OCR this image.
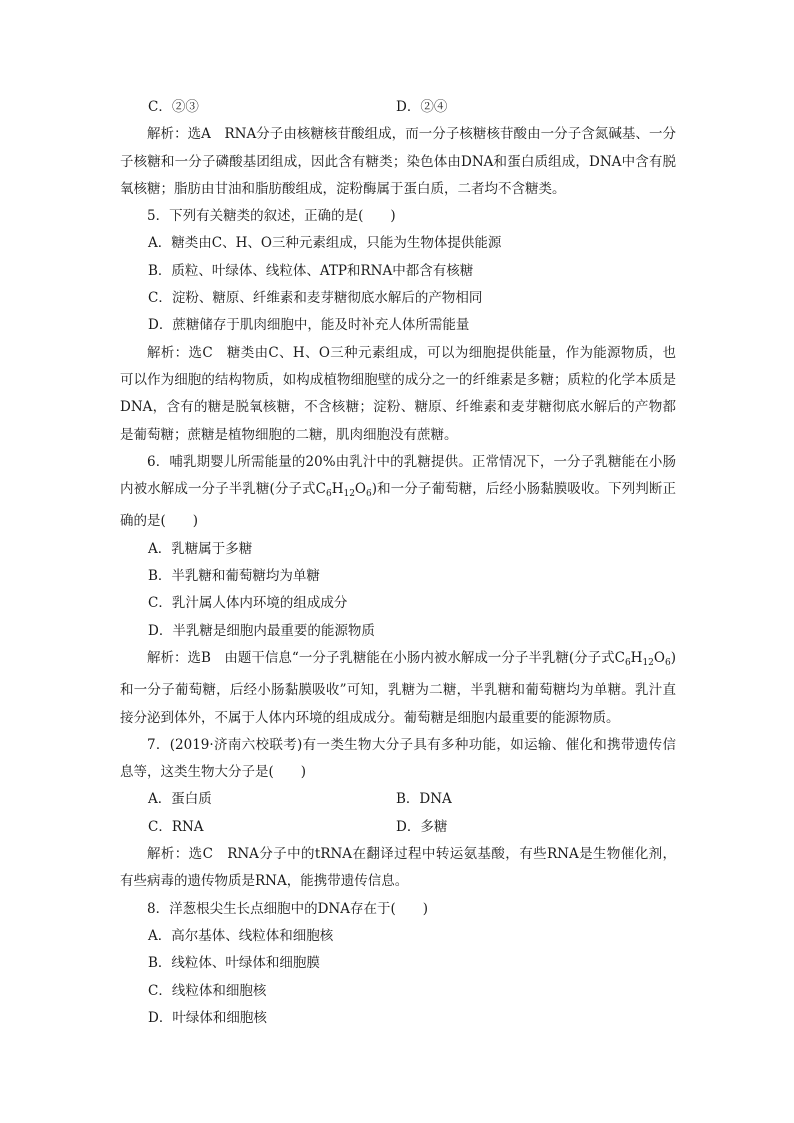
C．②③	D．②④
解析：选A　RNA分子由核糖核苷酸组成，而一分子核糖核苷酸由一分子含氮碱基、一分子核糖和一分子磷酸基团组成，因此含有糖类；染色体由DNA和蛋白质组成，DNA中含有脱氧核糖；脂肪由甘油和脂肪酸组成，淀粉酶属于蛋白质，二者均不含糖类。
5．下列有关糖类的叙述，正确的是(　　)
A．糖类由C、H、O三种元素组成，只能为生物体提供能源
B．质粒、叶绿体、线粒体、ATP和RNA中都含有核糖
C．淀粉、糖原、纤维素和麦芽糖彻底水解后的产物相同
D．蔗糖储存于肌肉细胞中，能及时补充人体所需能量
解析：选C　糖类由C、H、O三种元素组成，可以为细胞提供能量，作为能源物质，也可以作为细胞的结构物质，如构成植物细胞壁的成分之一的纤维素是多糖；质粒的化学本质是DNA，含有的糖是脱氧核糖，不含核糖；淀粉、糖原、纤维素和麦芽糖彻底水解后的产物都是葡萄糖；蔗糖是植物细胞的二糖，肌肉细胞没有蔗糖。
6．哺乳期婴儿所需能量的20%由乳汁中的乳糖提供。正常情况下，一分子乳糖能在小肠内被水解成一分子半乳糖(分子式$C_6H_{12}O_6$)和一分子葡萄糖，后经小肠黏膜吸收。下列判断正确的是(　　)
A．乳糖属于多糖
B．半乳糖和葡萄糖均为单糖
C．乳汁属人体内环境的组成成分
D．半乳糖是细胞内最重要的能源物质
解析：选B　由题干信息“一分子乳糖能在小肠内被水解成一分子半乳糖(分子式$C_6H_{12}O_6$)和一分子葡萄糖，后经小肠黏膜吸收”可知，乳糖为二糖，半乳糖和葡萄糖均为单糖。乳汁直接分泌到体外，不属于人体内环境的组成成分。葡萄糖是细胞内最重要的能源物质。
7．(2019·济南六校联考)有一类生物大分子具有多种功能，如运输、催化和携带遗传信息等，这类生物大分子是(　　)
A．蛋白质	B．DNA
C．RNA	D．多糖
解析：选C　RNA分子中的tRNA在翻译过程中转运氨基酸，有些RNA是生物催化剂，有些病毒的遗传物质是RNA，能携带遗传信息。
8．洋葱根尖生长点细胞中的DNA存在于(　　)
A．高尔基体、线粒体和细胞核
B．线粒体、叶绿体和细胞膜
C．线粒体和细胞核
D．叶绿体和细胞核
